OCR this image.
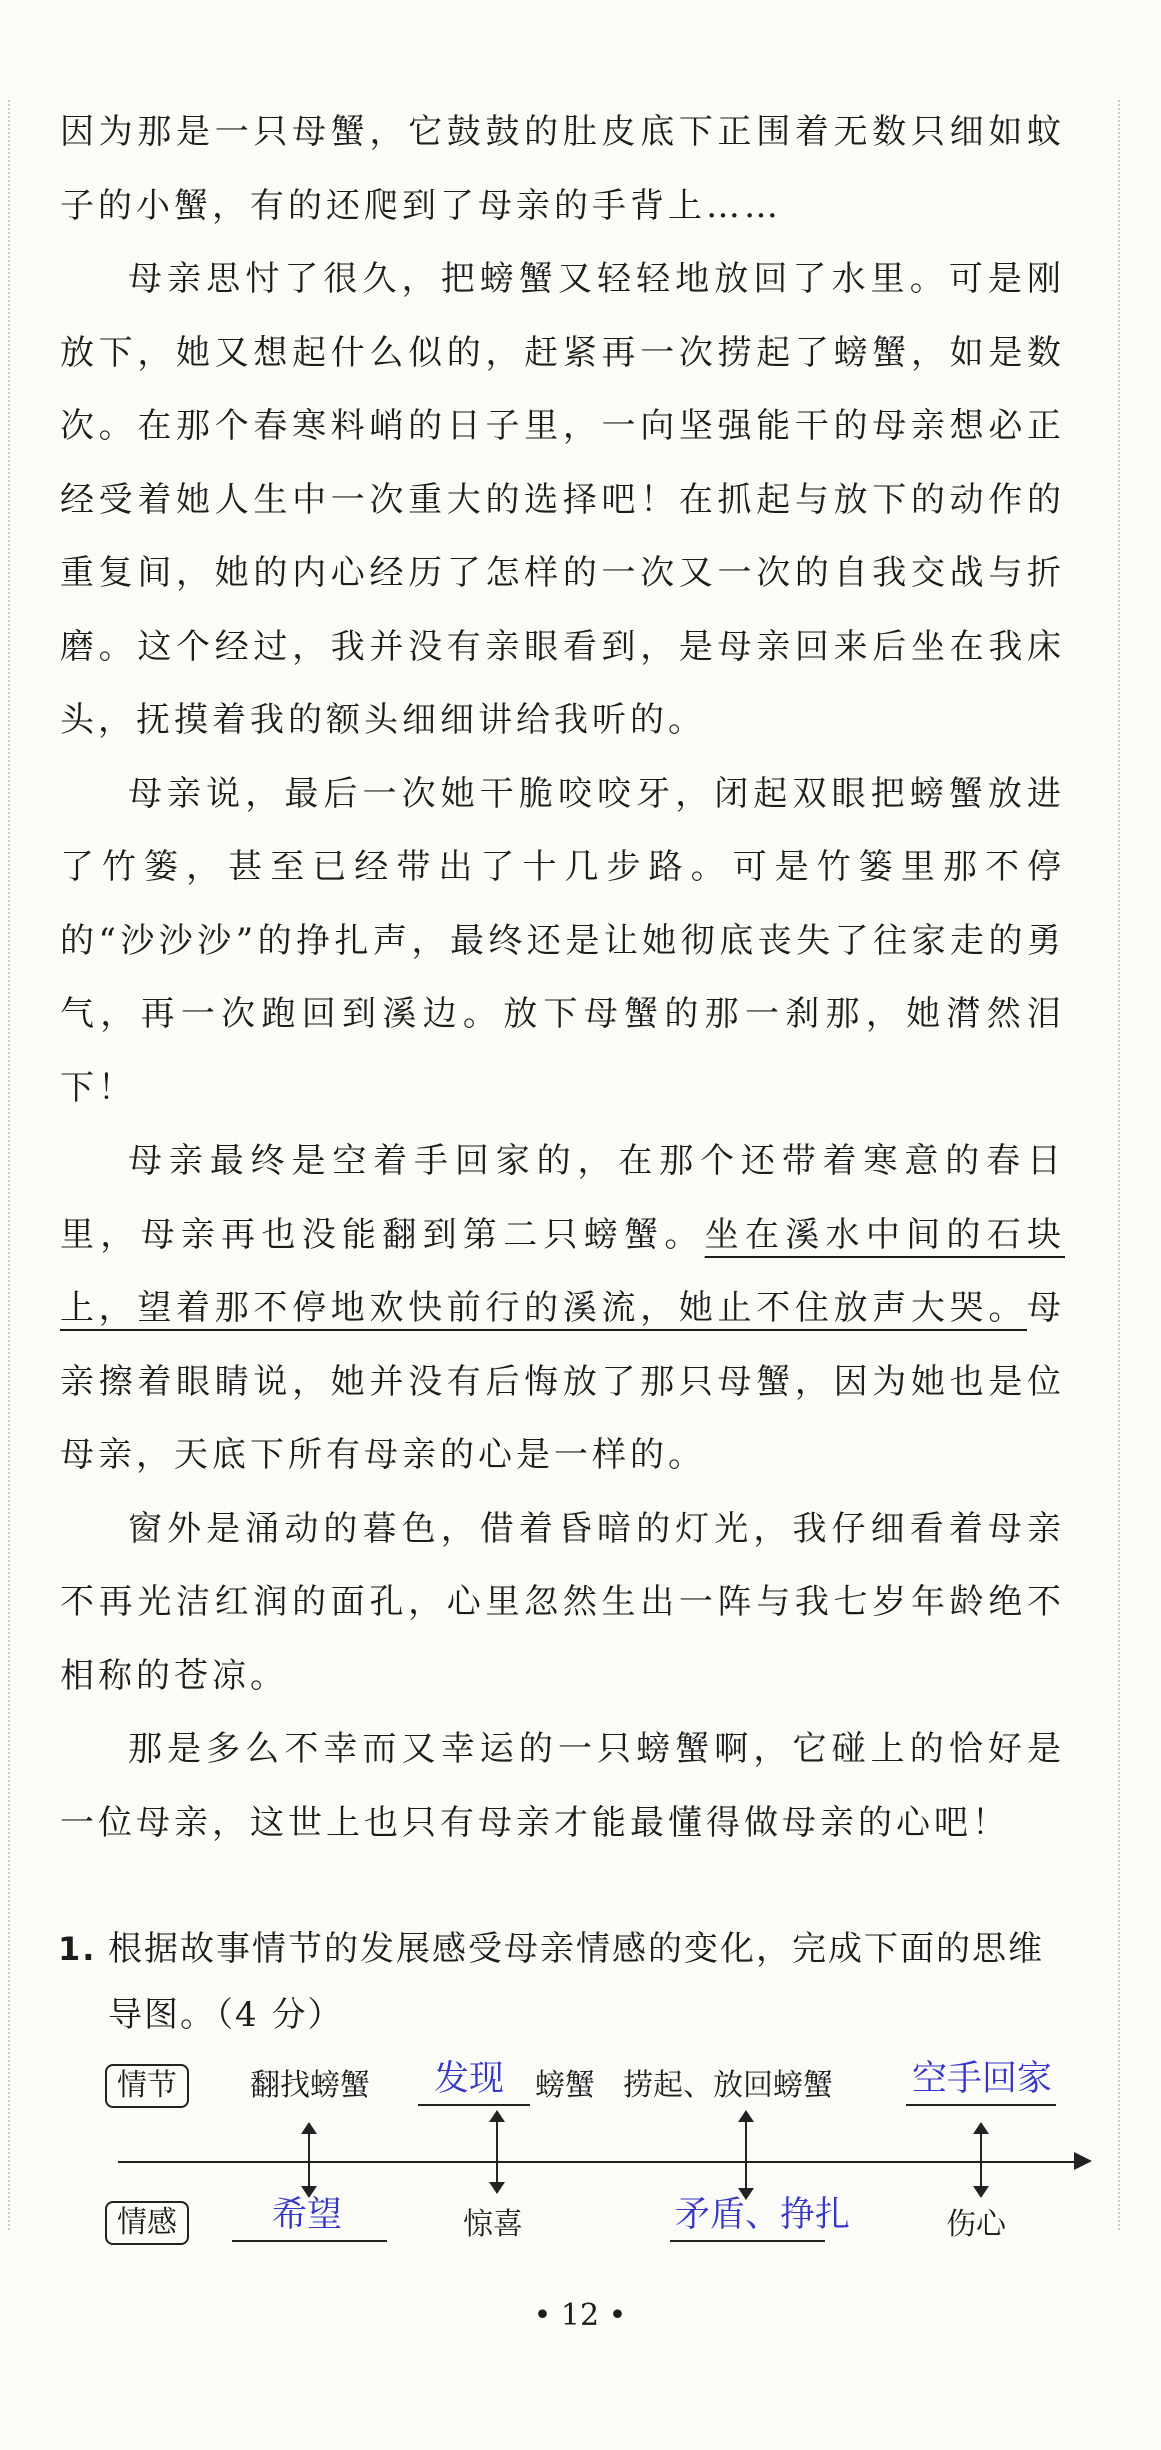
因为那是一只母蟹，它鼓鼓的肚皮底下正围着无数只细如蚊子的小蟹，有的还爬到了母亲的手背上……

母亲思忖了很久，把螃蟹又轻轻地放回了水里。可是刚放下，她又想起什么似的，赶紧再一次捞起了螃蟹，如是数次。在那个春寒料峭的日子里，一向坚强能干的母亲想必正经受着她人生中一次重大的选择吧！在抓起与放下的动作的重复间，她的内心经历了怎样的一次又一次的自我交战与折磨。这个经过，我并没有亲眼看到，是母亲回来后坐在我床头，抚摸着我的额头细细讲给我听的。

母亲说，最后一次她干脆咬咬牙，闭起双眼把螃蟹放进了竹篓，甚至已经带出了十几步路。可是竹篓里那不停的“沙沙沙”的挣扎声，最终还是让她彻底丧失了往家走的勇气，再一次跑回到溪边。放下母蟹的那一刹那，她潸然泪下！

母亲最终是空着手回家的，在那个还带着寒意的春日里，母亲再也没能翻到第二只螃蟹。坐在溪水中间的石块上，望着那不停地欢快前行的溪流，她止不住放声大哭。母亲擦着眼睛说，她并没有后悔放了那只母蟹，因为她也是位母亲，天底下所有母亲的心是一样的。

窗外是涌动的暮色，借着昏暗的灯光，我仔细看着母亲不再光洁红润的面孔，心里忽然生出一阵与我七岁年龄绝不相称的苍凉。

那是多么不幸而又幸运的一只螃蟹啊，它碰上的恰好是一位母亲，这世上也只有母亲才能最懂得做母亲的心吧！

1. 根据故事情节的发展感受母亲情感的变化，完成下面的思维导图。（4 分）
情节
情感
翻找螃蟹 发现 螃蟹 捞起、放回螃蟹 空手回家
希望	惊喜	矛盾、挣扎	伤心
• 12 •
